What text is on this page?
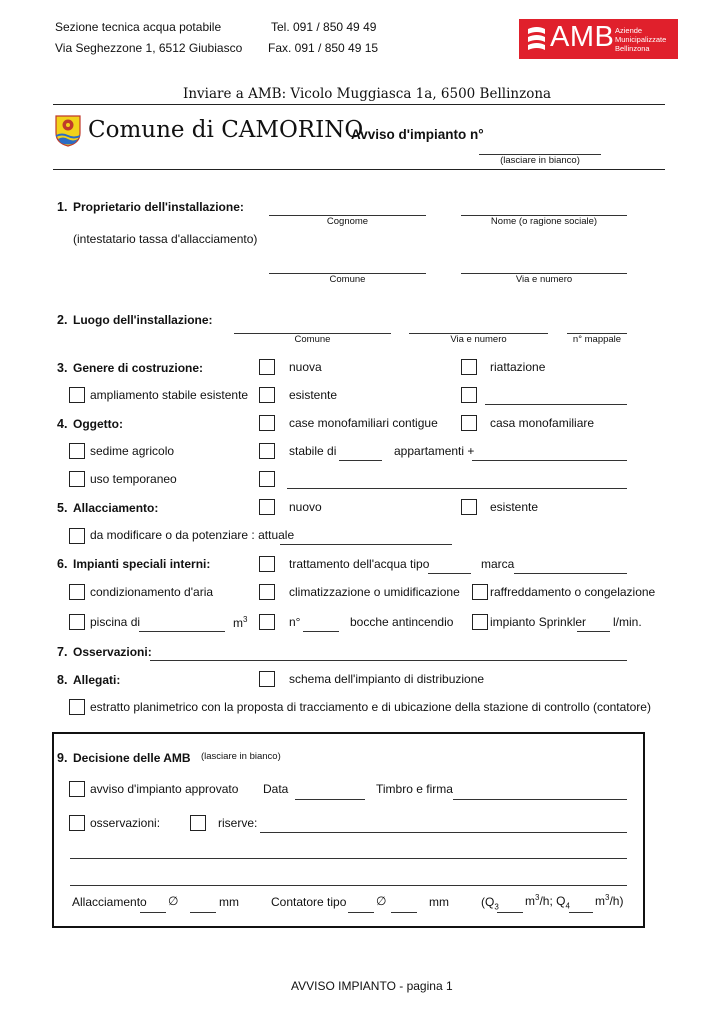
Sezione tecnica acqua potabile	Tel. 091 / 850 49 49
Via Seghezzone 1, 6512 Giubiasco Fax. 091 / 850 49 15	AMB Aziende
Municipalizzate
Bellinzona
Inviare a AMB: Vicolo Muggiasca 1a, 6500 Bellinzona
Comune di CAMORINO
Avviso d'impianto n°
(lasciare in bianco)
1. Proprietario dell'installazione:
Cognome	Nome (o ragione sociale)
(intestatario tassa d'allacciamento)
Comune	Via e numero
2. Luogo dell'installazione:
Comune	Via e numero	n° mappale
3. Genere di costruzione:	nuova	riattazione
ampliamento stabile esistente	esistente
4. Oggetto:	case monofamiliari contigue	casa monofamiliare
sedime agricolo	stabile di	appartamenti +
uso temporaneo
5. Allacciamento:	nuovo	esistente
da modificare o da potenziare : attuale
6. Impianti speciali interni:	trattamento dell'acqua tipo	marca
condizionamento d'aria	climatizzazione o umidificazione	raffreddamento o congelazione
piscina di	$m^3$	n°	bocche antincendio	impianto Sprinkler l/min.
7. Osservazioni:
8. Allegati:	schema dell'impianto di distribuzione
estratto planimetrico con la proposta di tracciamento e di ubicazione della stazione di controllo (contatore)
9. Decisione delle AMB (lasciare in bianco)
avviso d'impianto approvato Data	Timbro e firma
osservazioni:	riserve:
Allacciamento ∅	mm	Contatore tipo ∅	mm	($Q_3$ $m^3/h$; $Q_4$ $m^3/h$)
AVVISO IMPIANTO - pagina 1
